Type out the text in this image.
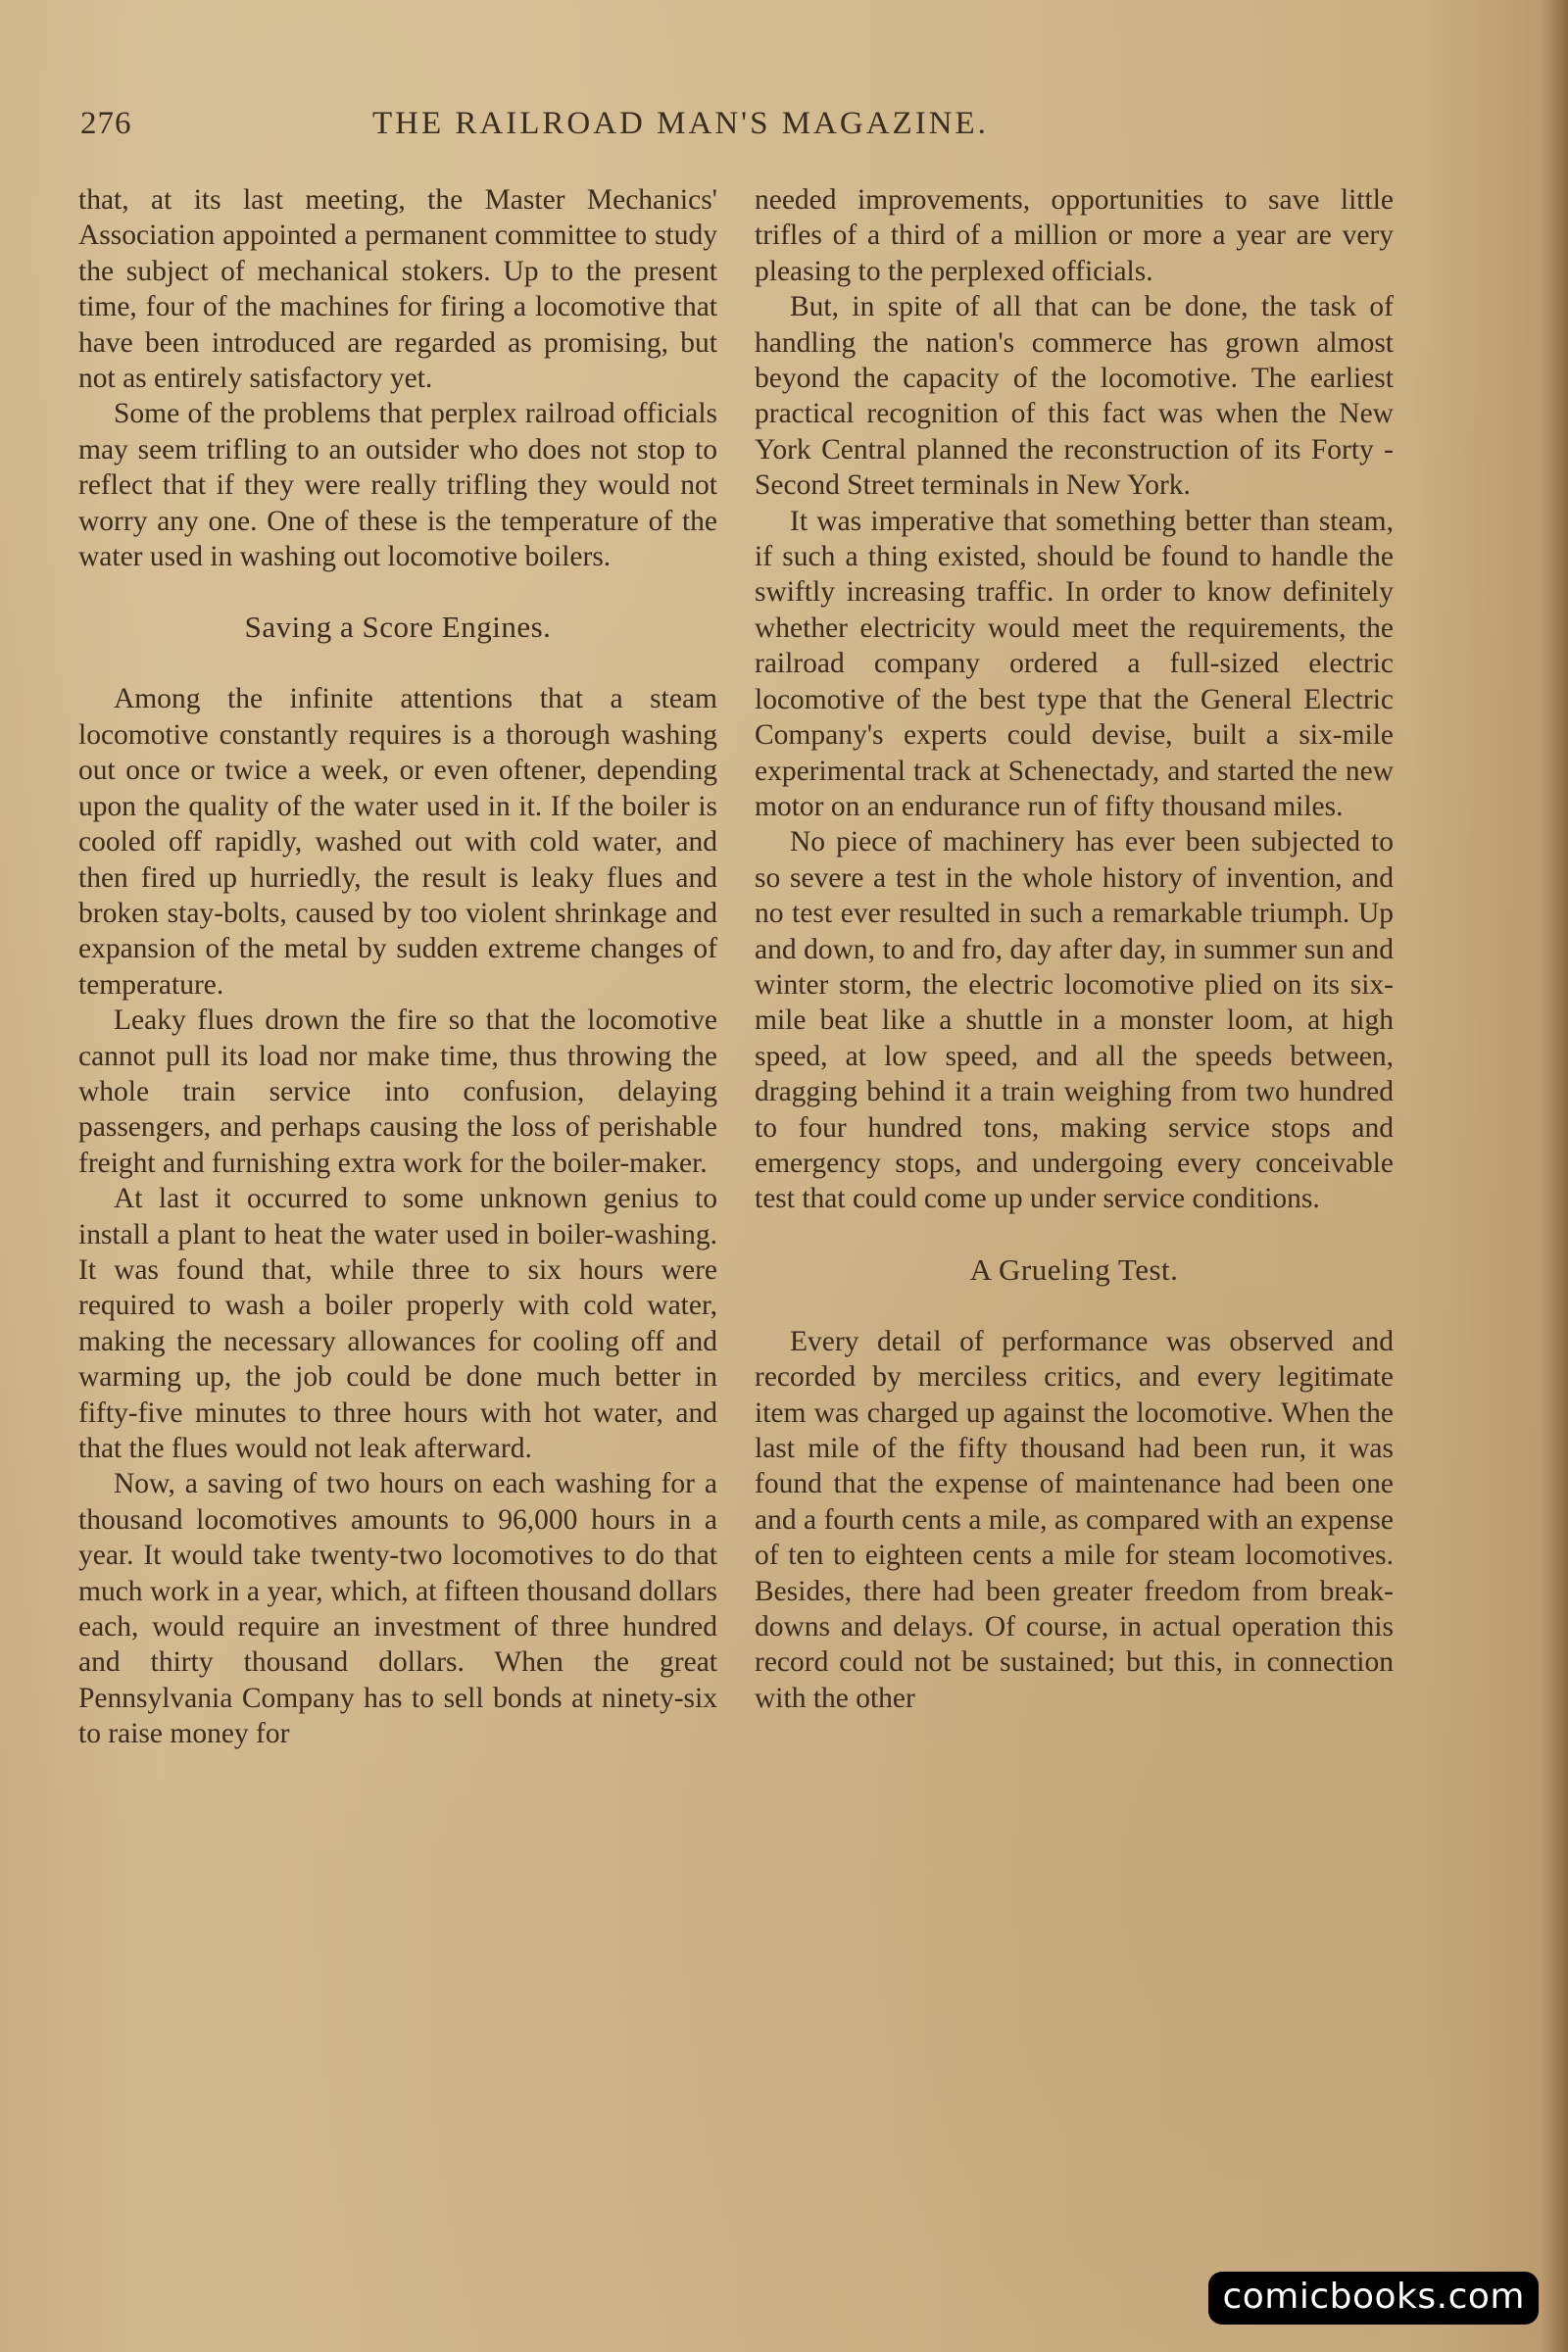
276	THE RAILROAD MAN'S MAGAZINE.

that, at its last meeting, the Master Mechanics' Association appointed a permanent committee to study the subject of mechanical stokers. Up to the present time, four of the machines for firing a locomotive that have been introduced are regarded as promising, but not as entirely satisfactory yet.

Some of the problems that perplex railroad officials may seem trifling to an outsider who does not stop to reflect that if they were really trifling they would not worry any one. One of these is the temperature of the water used in washing out locomotive boilers.

Saving a Score Engines.

Among the infinite attentions that a steam locomotive constantly requires is a thorough washing out once or twice a week, or even oftener, depending upon the quality of the water used in it. If the boiler is cooled off rapidly, washed out with cold water, and then fired up hurriedly, the result is leaky flues and broken stay-bolts, caused by too violent shrinkage and expansion of the metal by sudden extreme changes of temperature.

Leaky flues drown the fire so that the locomotive cannot pull its load nor make time, thus throwing the whole train service into confusion, delaying passengers, and perhaps causing the loss of perishable freight and furnishing extra work for the boiler-maker.

At last it occurred to some unknown genius to install a plant to heat the water used in boiler-washing. It was found that, while three to six hours were required to wash a boiler properly with cold water, making the necessary allowances for cooling off and warming up, the job could be done much better in fifty-five minutes to three hours with hot water, and that the flues would not leak afterward.

Now, a saving of two hours on each washing for a thousand locomotives amounts to 96,000 hours in a year. It would take twenty-two locomotives to do that much work in a year, which, at fifteen thousand dollars each, would require an investment of three hundred and thirty thousand dollars. When the great Pennsylvania Company has to sell bonds at ninety-six to raise money for

needed improvements, opportunities to save little trifles of a third of a million or more a year are very pleasing to the perplexed officials.

But, in spite of all that can be done, the task of handling the nation's commerce has grown almost beyond the capacity of the locomotive. The earliest practical recognition of this fact was when the New York Central planned the reconstruction of its Forty - Second Street terminals in New York.

It was imperative that something better than steam, if such a thing existed, should be found to handle the swiftly increasing traffic. In order to know definitely whether electricity would meet the requirements, the railroad company ordered a full-sized electric locomotive of the best type that the General Electric Company's experts could devise, built a six-mile experimental track at Schenectady, and started the new motor on an endurance run of fifty thousand miles.

No piece of machinery has ever been subjected to so severe a test in the whole history of invention, and no test ever resulted in such a remarkable triumph. Up and down, to and fro, day after day, in summer sun and winter storm, the electric locomotive plied on its six-mile beat like a shuttle in a monster loom, at high speed, at low speed, and all the speeds between, dragging behind it a train weighing from two hundred to four hundred tons, making service stops and emergency stops, and undergoing every conceivable test that could come up under service conditions.

A Grueling Test.

Every detail of performance was observed and recorded by merciless critics, and every legitimate item was charged up against the locomotive. When the last mile of the fifty thousand had been run, it was found that the expense of maintenance had been one and a fourth cents a mile, as compared with an expense of ten to eighteen cents a mile for steam locomotives. Besides, there had been greater freedom from break-downs and delays. Of course, in actual operation this record could not be sustained; but this, in connection with the other

comicbooks.com
